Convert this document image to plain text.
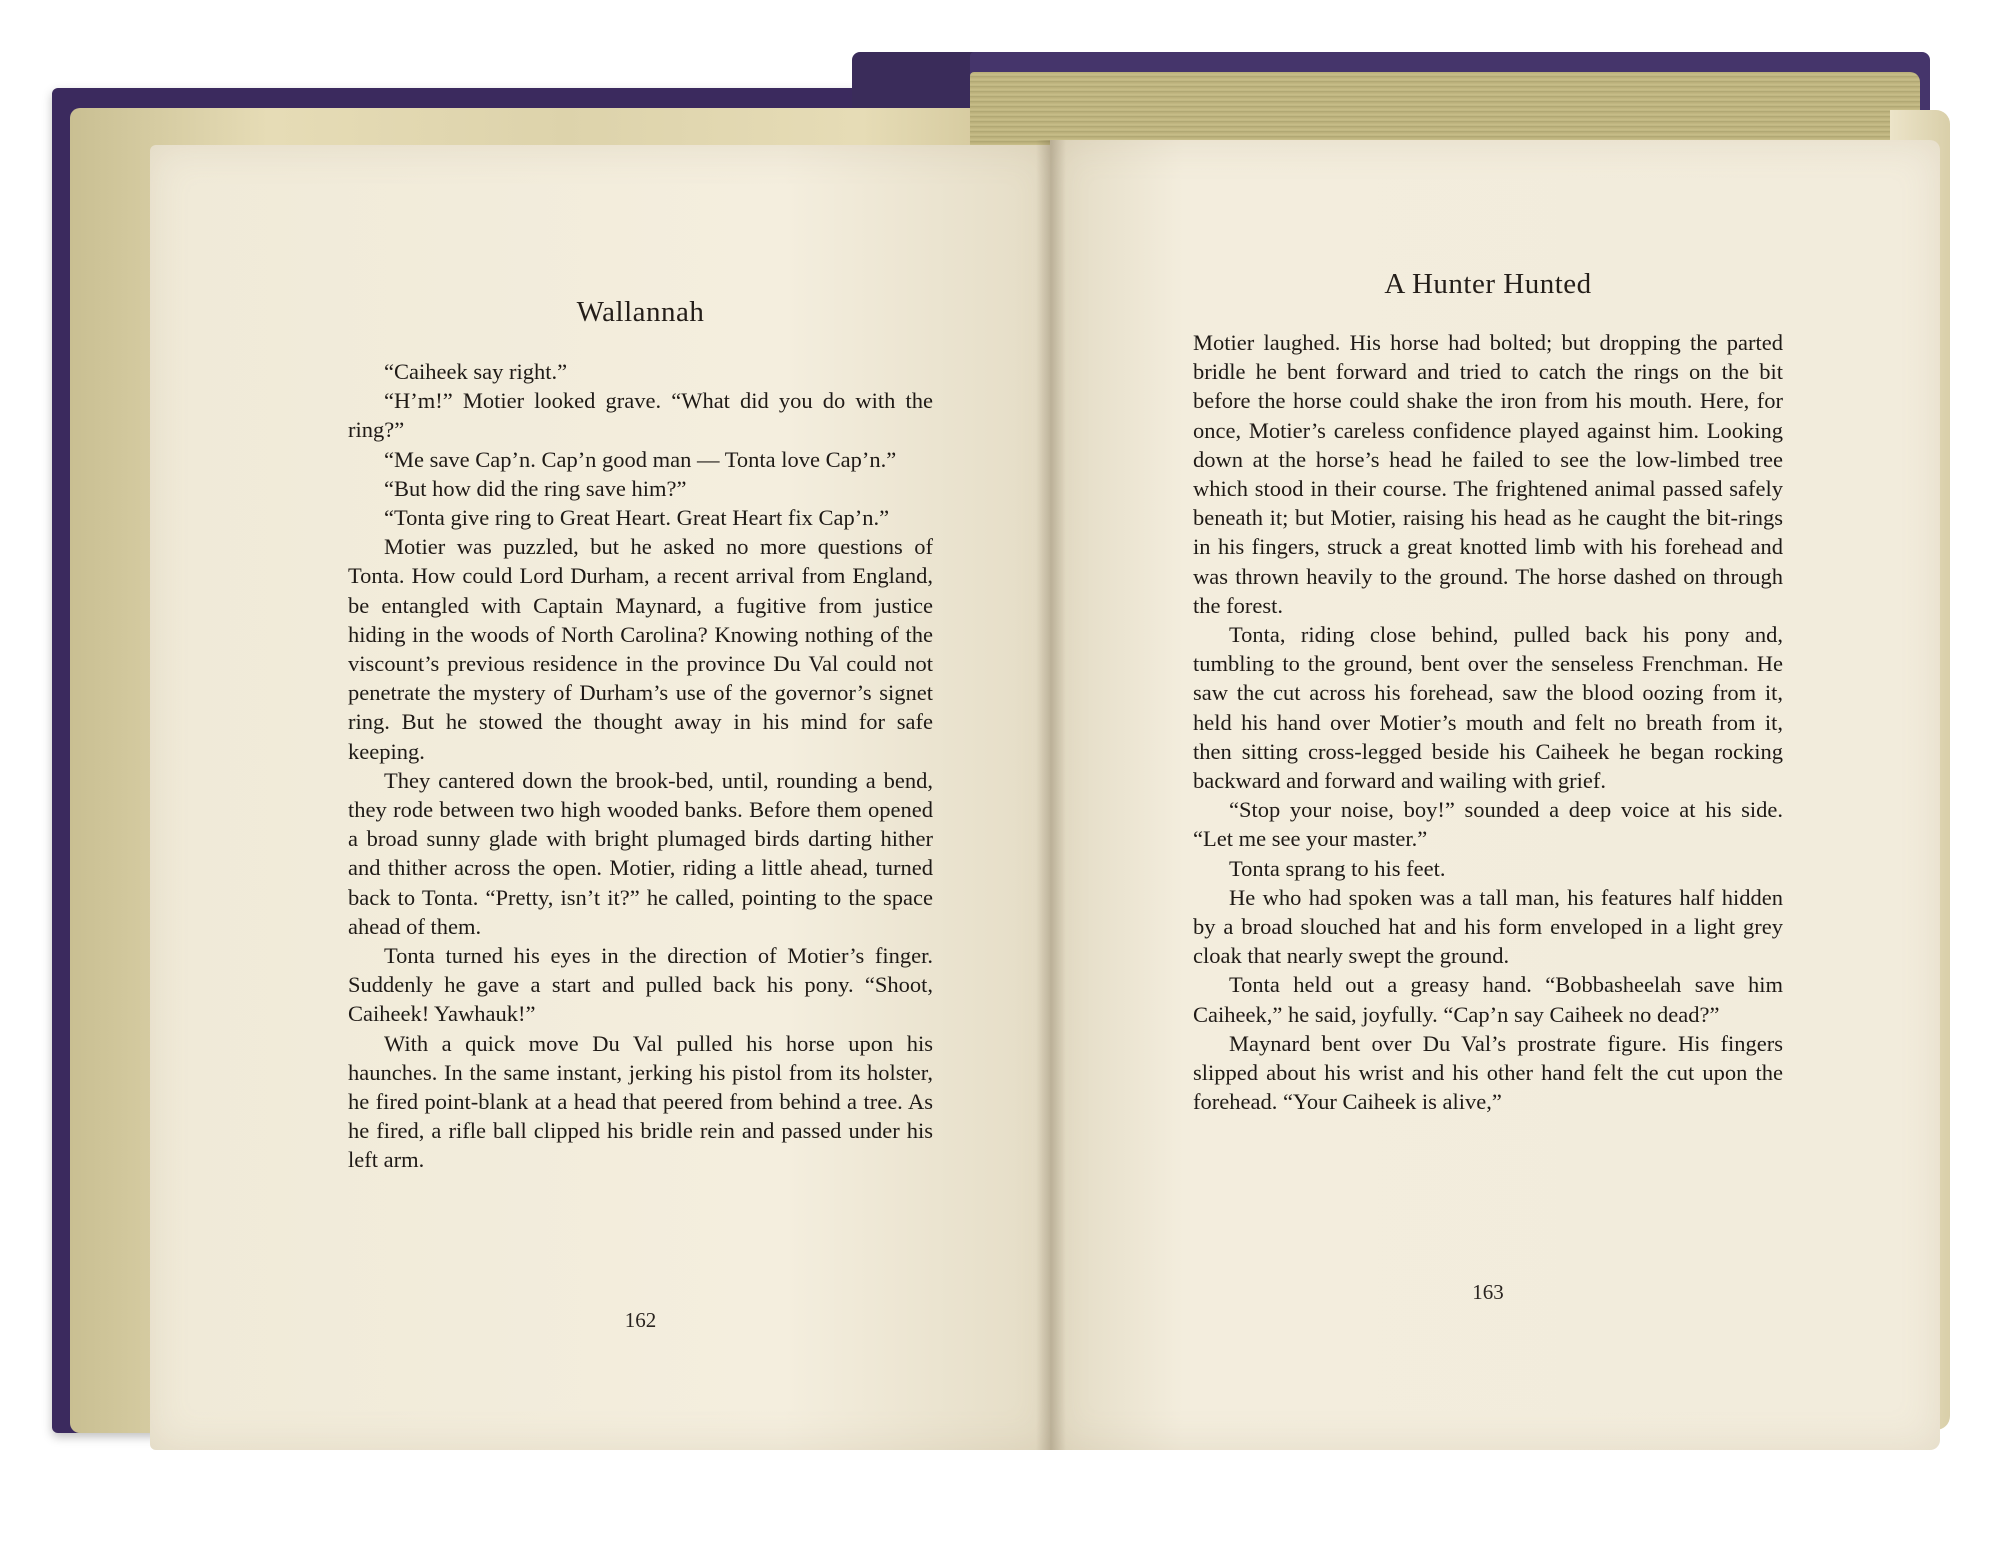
Wallannah

“Caiheek say right.”

“H’m!” Motier looked grave. “What did you do with the ring?”

“Me save Cap’n. Cap’n good man — Tonta love Cap’n.”

“But how did the ring save him?”

“Tonta give ring to Great Heart. Great Heart fix Cap’n.”

Motier was puzzled, but he asked no more questions of Tonta. How could Lord Durham, a recent arrival from England, be entangled with Captain Maynard, a fugitive from justice hiding in the woods of North Carolina? Knowing nothing of the viscount’s previous residence in the province Du Val could not penetrate the mystery of Durham’s use of the governor’s signet ring. But he stowed the thought away in his mind for safe keeping.

They cantered down the brook-bed, until, rounding a bend, they rode between two high wooded banks. Before them opened a broad sunny glade with bright plumaged birds darting hither and thither across the open. Motier, riding a little ahead, turned back to Tonta. “Pretty, isn’t it?” he called, pointing to the space ahead of them.

Tonta turned his eyes in the direction of Motier’s finger. Suddenly he gave a start and pulled back his pony. “Shoot, Caiheek! Yawhauk!”

With a quick move Du Val pulled his horse upon his haunches. In the same instant, jerking his pistol from its holster, he fired point-blank at a head that peered from behind a tree. As he fired, a rifle ball clipped his bridle rein and passed under his left arm.

162
A Hunter Hunted

Motier laughed. His horse had bolted; but dropping the parted bridle he bent forward and tried to catch the rings on the bit before the horse could shake the iron from his mouth. Here, for once, Motier’s careless confidence played against him. Looking down at the horse’s head he failed to see the low-limbed tree which stood in their course. The frightened animal passed safely beneath it; but Motier, raising his head as he caught the bit-rings in his fingers, struck a great knotted limb with his forehead and was thrown heavily to the ground. The horse dashed on through the forest.

Tonta, riding close behind, pulled back his pony and, tumbling to the ground, bent over the senseless Frenchman. He saw the cut across his forehead, saw the blood oozing from it, held his hand over Motier’s mouth and felt no breath from it, then sitting cross-legged beside his Caiheek he began rocking backward and forward and wailing with grief.

“Stop your noise, boy!” sounded a deep voice at his side. “Let me see your master.”

Tonta sprang to his feet.

He who had spoken was a tall man, his features half hidden by a broad slouched hat and his form enveloped in a light grey cloak that nearly swept the ground.

Tonta held out a greasy hand. “Bobbasheelah save him Caiheek,” he said, joyfully. “Cap’n say Caiheek no dead?”

Maynard bent over Du Val’s prostrate figure. His fingers slipped about his wrist and his other hand felt the cut upon the forehead. “Your Caiheek is alive,”

163
